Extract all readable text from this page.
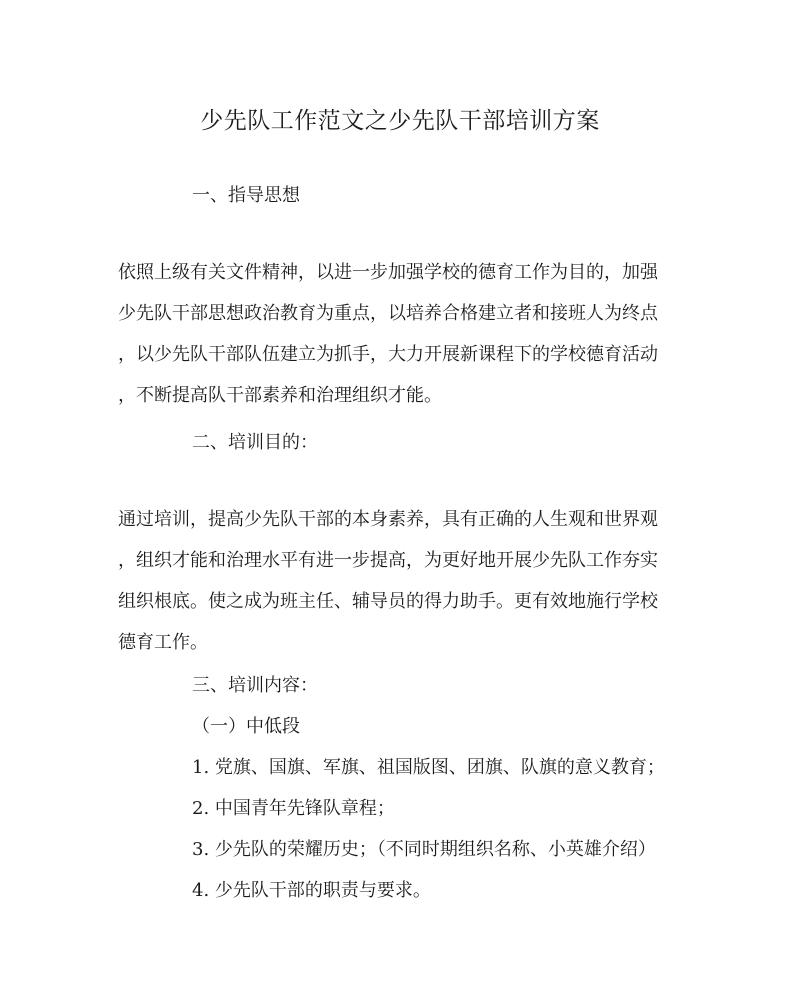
少先队工作范文之少先队干部培训方案
一、指导思想
依照上级有关文件精神，以进一步加强学校的德育工作为目的，加强
少先队干部思想政治教育为重点，以培养合格建立者和接班人为终点
，以少先队干部队伍建立为抓手，大力开展新课程下的学校德育活动
，不断提高队干部素养和治理组织才能。
二、培训目的：
通过培训，提高少先队干部的本身素养，具有正确的人生观和世界观
，组织才能和治理水平有进一步提高，为更好地开展少先队工作夯实
组织根底。使之成为班主任、辅导员的得力助手。更有效地施行学校
德育工作。
三、培训内容：
（一）中低段
1. 党旗、国旗、军旗、祖国版图、团旗、队旗的意义教育；
2. 中国青年先锋队章程；
3. 少先队的荣耀历史；（不同时期组织名称、小英雄介绍）
4. 少先队干部的职责与要求。
